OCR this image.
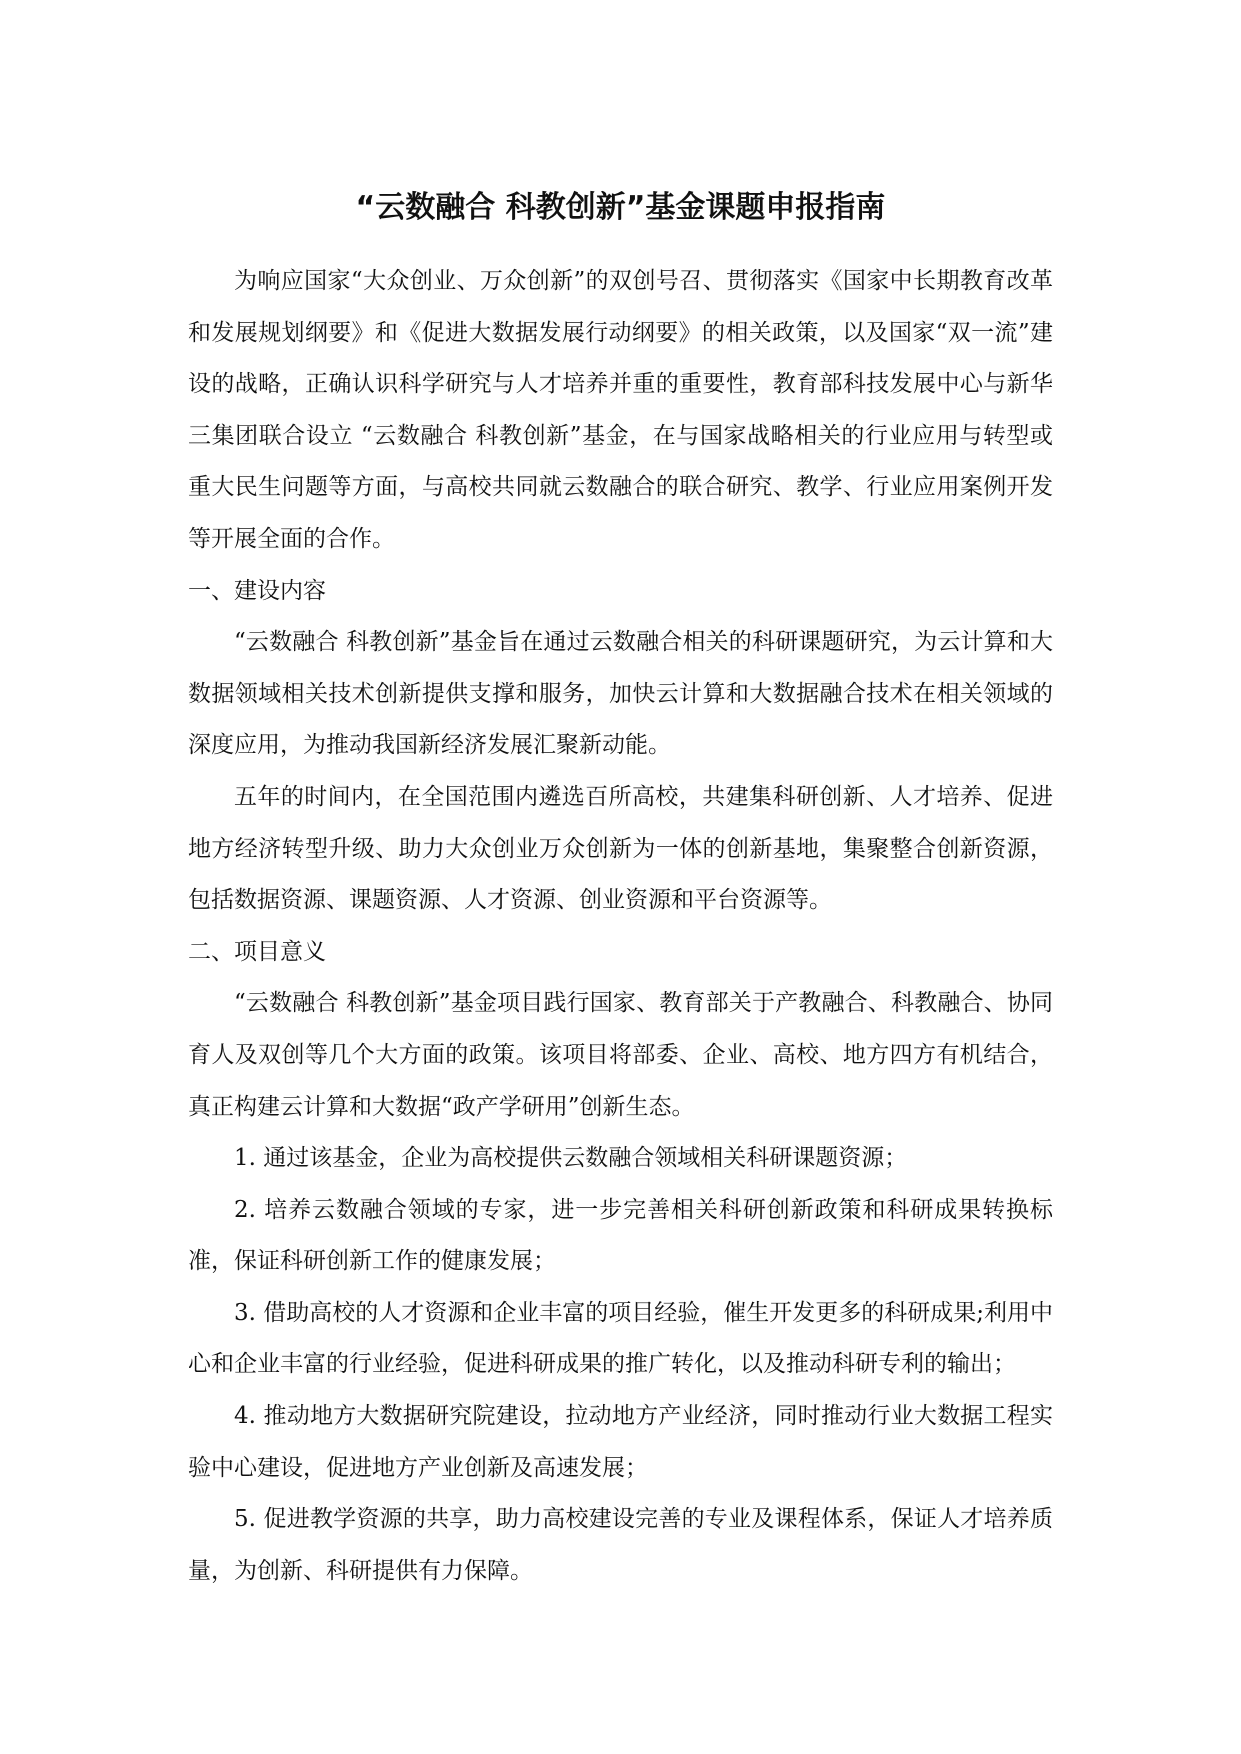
“云数融合 科教创新”基金课题申报指南

为响应国家“大众创业、万众创新”的双创号召、贯彻落实《国家中长期教育改革和发展规划纲要》和《促进大数据发展行动纲要》的相关政策，以及国家“双一流”建设的战略，正确认识科学研究与人才培养并重的重要性，教育部科技发展中心与新华三集团联合设立 “云数融合 科教创新”基金，在与国家战略相关的行业应用与转型或重大民生问题等方面，与高校共同就云数融合的联合研究、教学、行业应用案例开发等开展全面的合作。

一、建设内容

“云数融合 科教创新”基金旨在通过云数融合相关的科研课题研究，为云计算和大数据领域相关技术创新提供支撑和服务，加快云计算和大数据融合技术在相关领域的深度应用，为推动我国新经济发展汇聚新动能。

五年的时间内，在全国范围内遴选百所高校，共建集科研创新、人才培养、促进地方经济转型升级、助力大众创业万众创新为一体的创新基地，集聚整合创新资源，包括数据资源、课题资源、人才资源、创业资源和平台资源等。

二、项目意义

“云数融合 科教创新”基金项目践行国家、教育部关于产教融合、科教融合、协同育人及双创等几个大方面的政策。该项目将部委、企业、高校、地方四方有机结合，真正构建云计算和大数据“政产学研用”创新生态。

1. 通过该基金，企业为高校提供云数融合领域相关科研课题资源；

2. 培养云数融合领域的专家，进一步完善相关科研创新政策和科研成果转换标准，保证科研创新工作的健康发展；

3. 借助高校的人才资源和企业丰富的项目经验，催生开发更多的科研成果;利用中心和企业丰富的行业经验，促进科研成果的推广转化，以及推动科研专利的输出；

4. 推动地方大数据研究院建设，拉动地方产业经济，同时推动行业大数据工程实验中心建设，促进地方产业创新及高速发展；

5. 促进教学资源的共享，助力高校建设完善的专业及课程体系，保证人才培养质量，为创新、科研提供有力保障。
